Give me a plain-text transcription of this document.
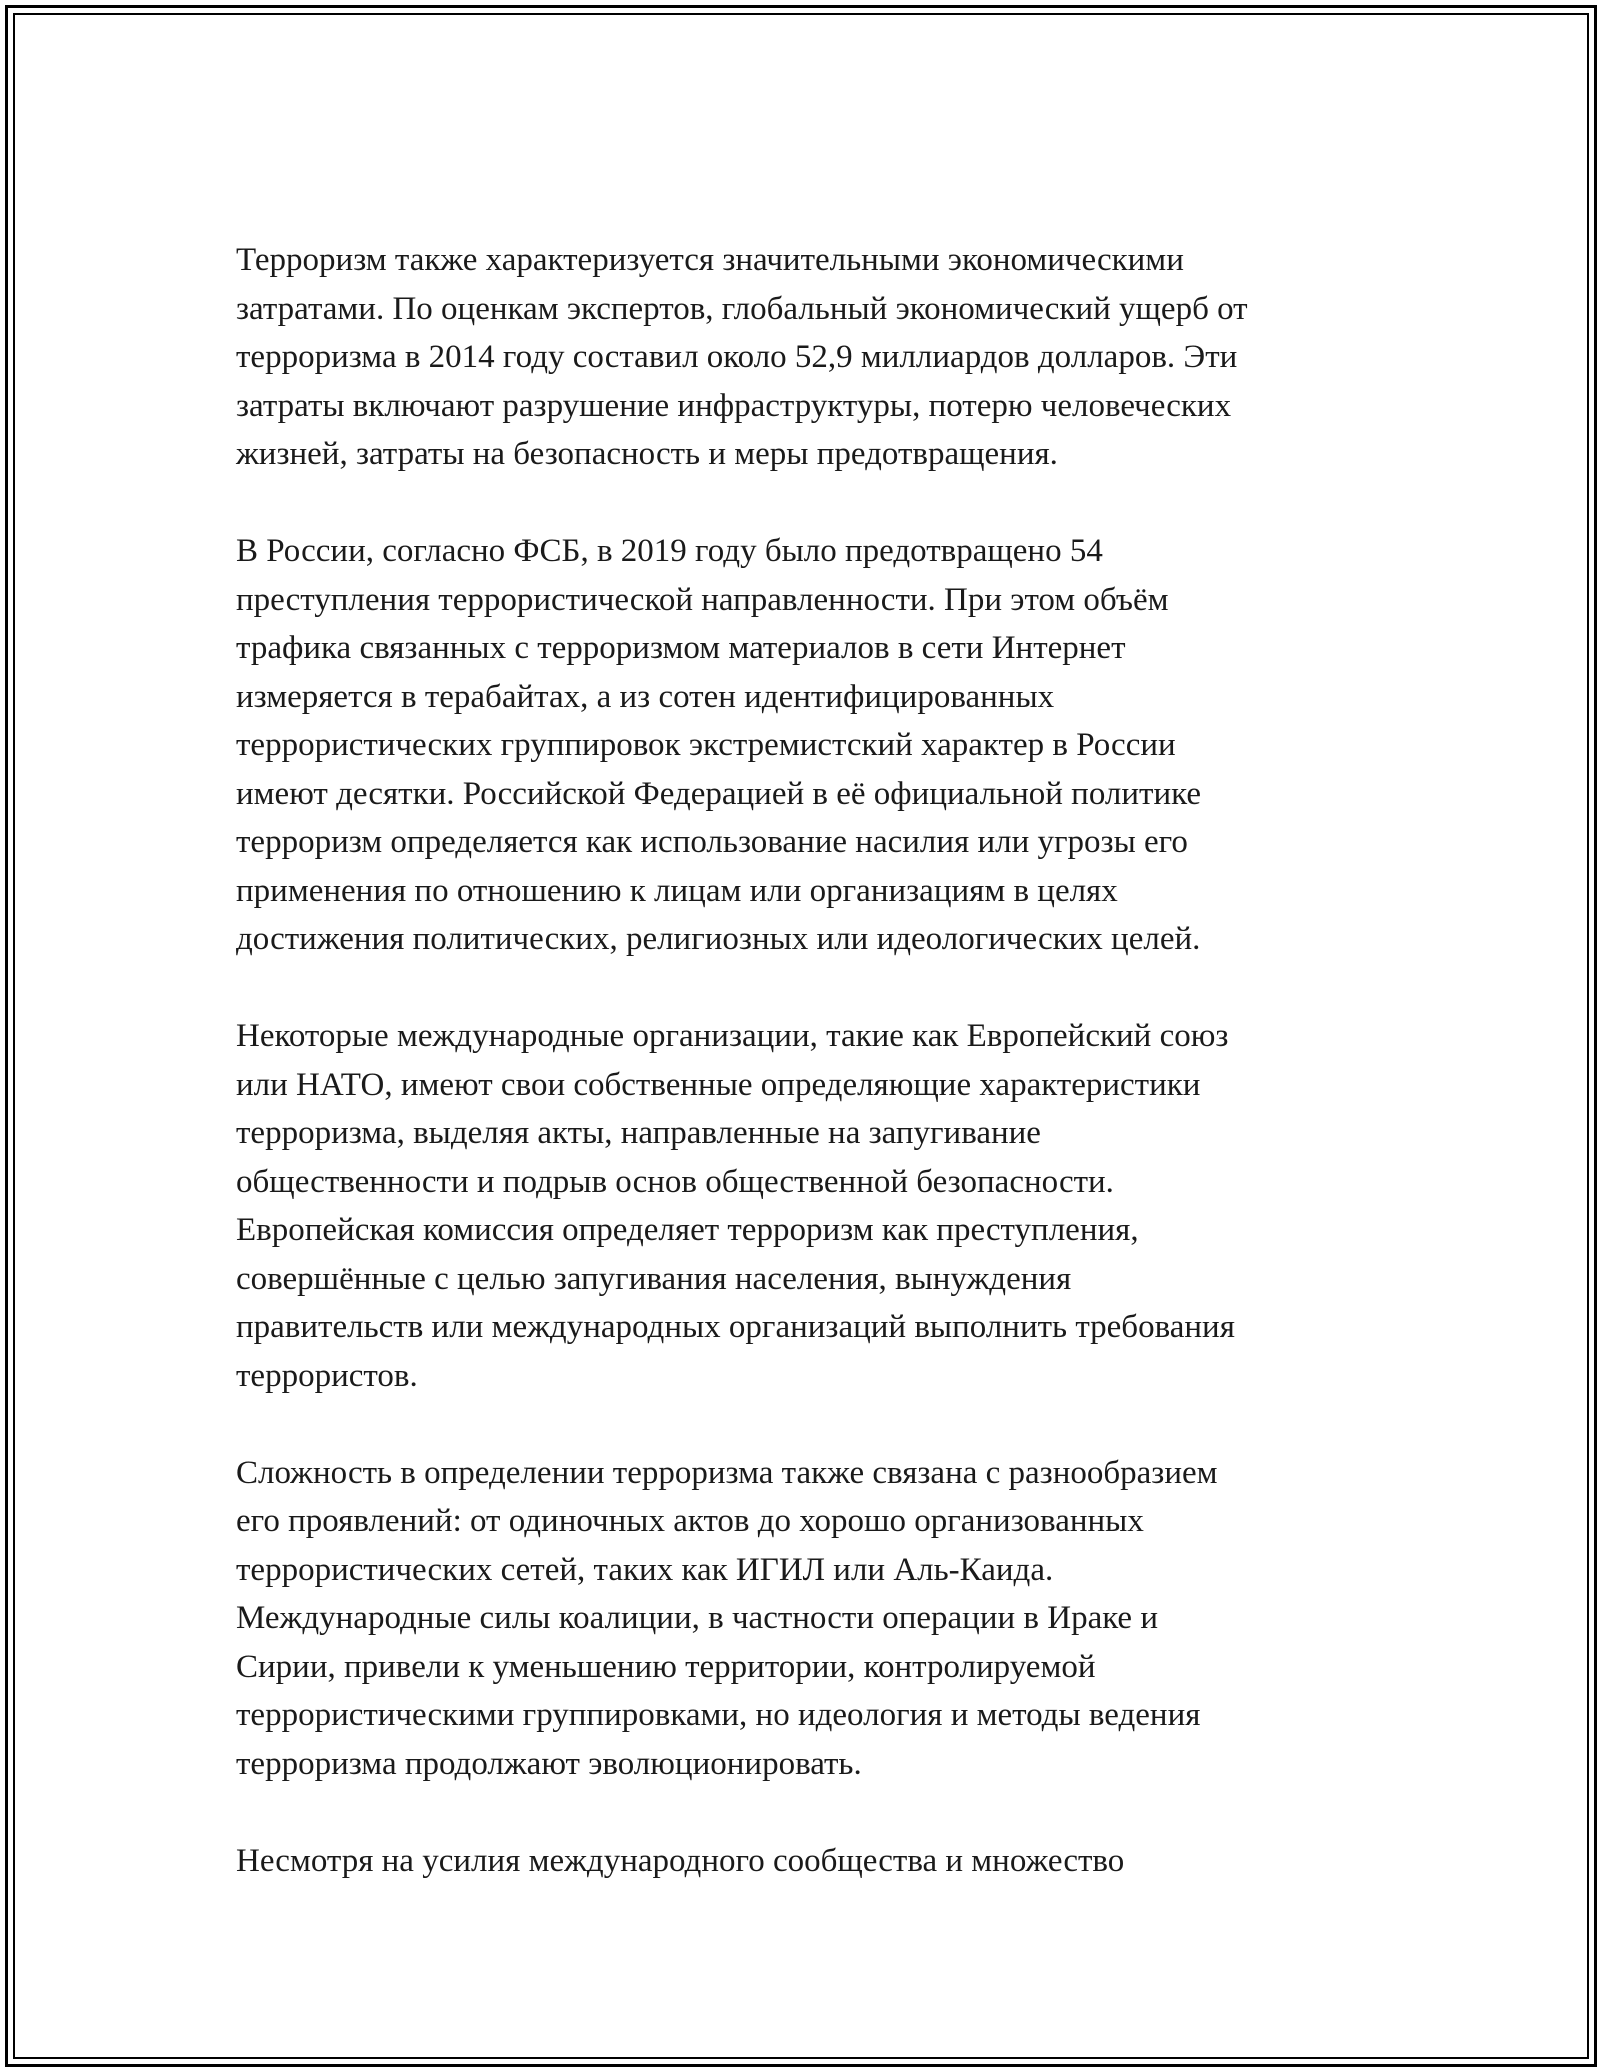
Терроризм также характеризуется значительными экономическими
затратами. По оценкам экспертов, глобальный экономический ущерб от
терроризма в 2014 году составил около 52,9 миллиардов долларов. Эти
затраты включают разрушение инфраструктуры, потерю человеческих
жизней, затраты на безопасность и меры предотвращения.

В России, согласно ФСБ, в 2019 году было предотвращено 54
преступления террористической направленности. При этом объём
трафика связанных с терроризмом материалов в сети Интернет
измеряется в терабайтах, а из сотен идентифицированных
террористических группировок экстремистский характер в России
имеют десятки. Российской Федерацией в её официальной политике
терроризм определяется как использование насилия или угрозы его
применения по отношению к лицам или организациям в целях
достижения политических, религиозных или идеологических целей.

Некоторые международные организации, такие как Европейский союз
или НАТО, имеют свои собственные определяющие характеристики
терроризма, выделяя акты, направленные на запугивание
общественности и подрыв основ общественной безопасности.
Европейская комиссия определяет терроризм как преступления,
совершённые с целью запугивания населения, вынуждения
правительств или международных организаций выполнить требования
террористов.

Сложность в определении терроризма также связана с разнообразием
его проявлений: от одиночных актов до хорошо организованных
террористических сетей, таких как ИГИЛ или Аль-Каида.
Международные силы коалиции, в частности операции в Ираке и
Сирии, привели к уменьшению территории, контролируемой
террористическими группировками, но идеология и методы ведения
терроризма продолжают эволюционировать.

Несмотря на усилия международного сообщества и множество
